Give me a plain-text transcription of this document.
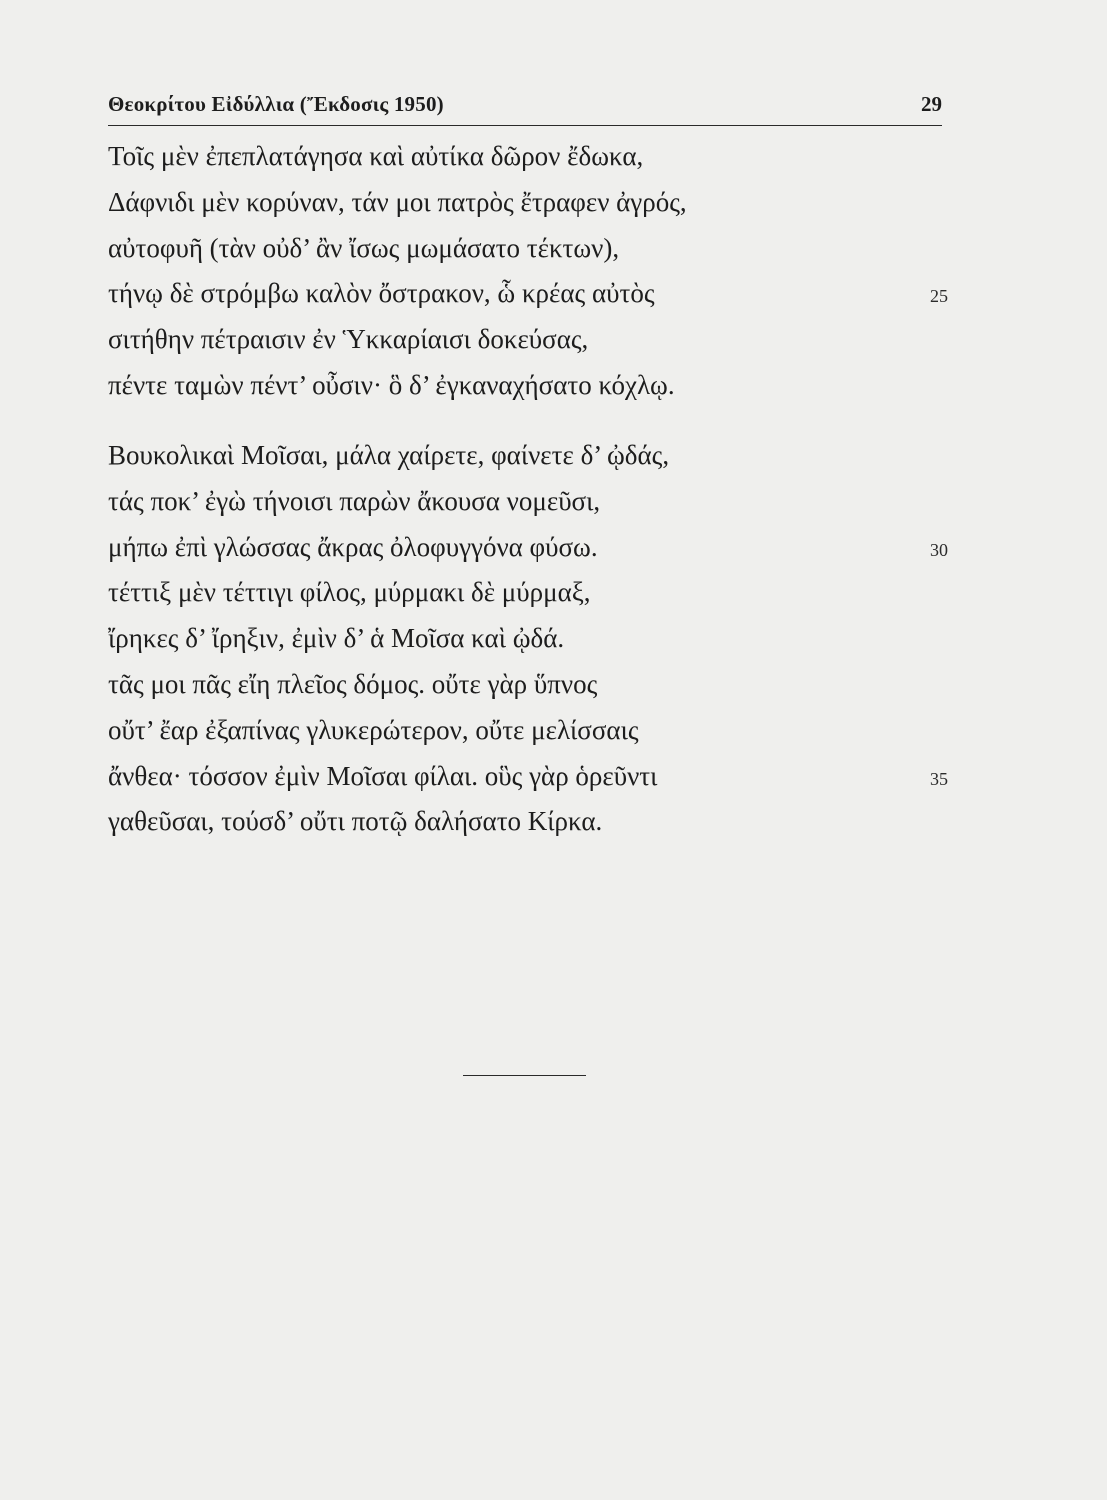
Θεοκρίτου Εἰδύλλια (Ἔκδοσις 1950)	29
Τοῖς μὲν ἐπεπλατάγησα καὶ αὐτίκα δῶρον ἔδωκα,
Δάφνιδι μὲν κορύναν, τάν μοι πατρὸς ἔτραφεν ἀγρός,
αὐτοφυῆ (τὰν οὐδ’ ἂν ἴσως μωμάσατο τέκτων),
τήνῳ δὲ στρόμβω καλὸν ὄστρακον, ὧ κρέας αὐτὸς	25
σιτήθην πέτραισιν ἐν Ὑκκαρίαισι δοκεύσας,
πέντε ταμὼν πέντ’ οὖσιν· ὃ δ’ ἐγκαναχήσατο κόχλῳ.
Βουκολικαὶ Μοῖσαι, μάλα χαίρετε, φαίνετε δ’ ᾠδάς,
τάς ποκ’ ἐγὼ τήνοισι παρὼν ἄκουσα νομεῦσι,
μήπω ἐπὶ γλώσσας ἄκρας ὀλοφυγγόνα φύσω.	30
τέττιξ μὲν τέττιγι φίλος, μύρμακι δὲ μύρμαξ,
ἴρηκες δ’ ἴρηξιν, ἐμὶν δ’ ἁ Μοῖσα καὶ ᾠδά.
τᾶς μοι πᾶς εἴη πλεῖος δόμος. οὔτε γὰρ ὕπνος
οὔτ’ ἔαρ ἐξαπίνας γλυκερώτερον, οὔτε μελίσσαις
ἄνθεα· τόσσον ἐμὶν Μοῖσαι φίλαι. οὓς γὰρ ὁρεῦντι	35
γαθεῦσαι, τούσδ’ οὔτι ποτῷ δαλήσατο Κίρκα.
